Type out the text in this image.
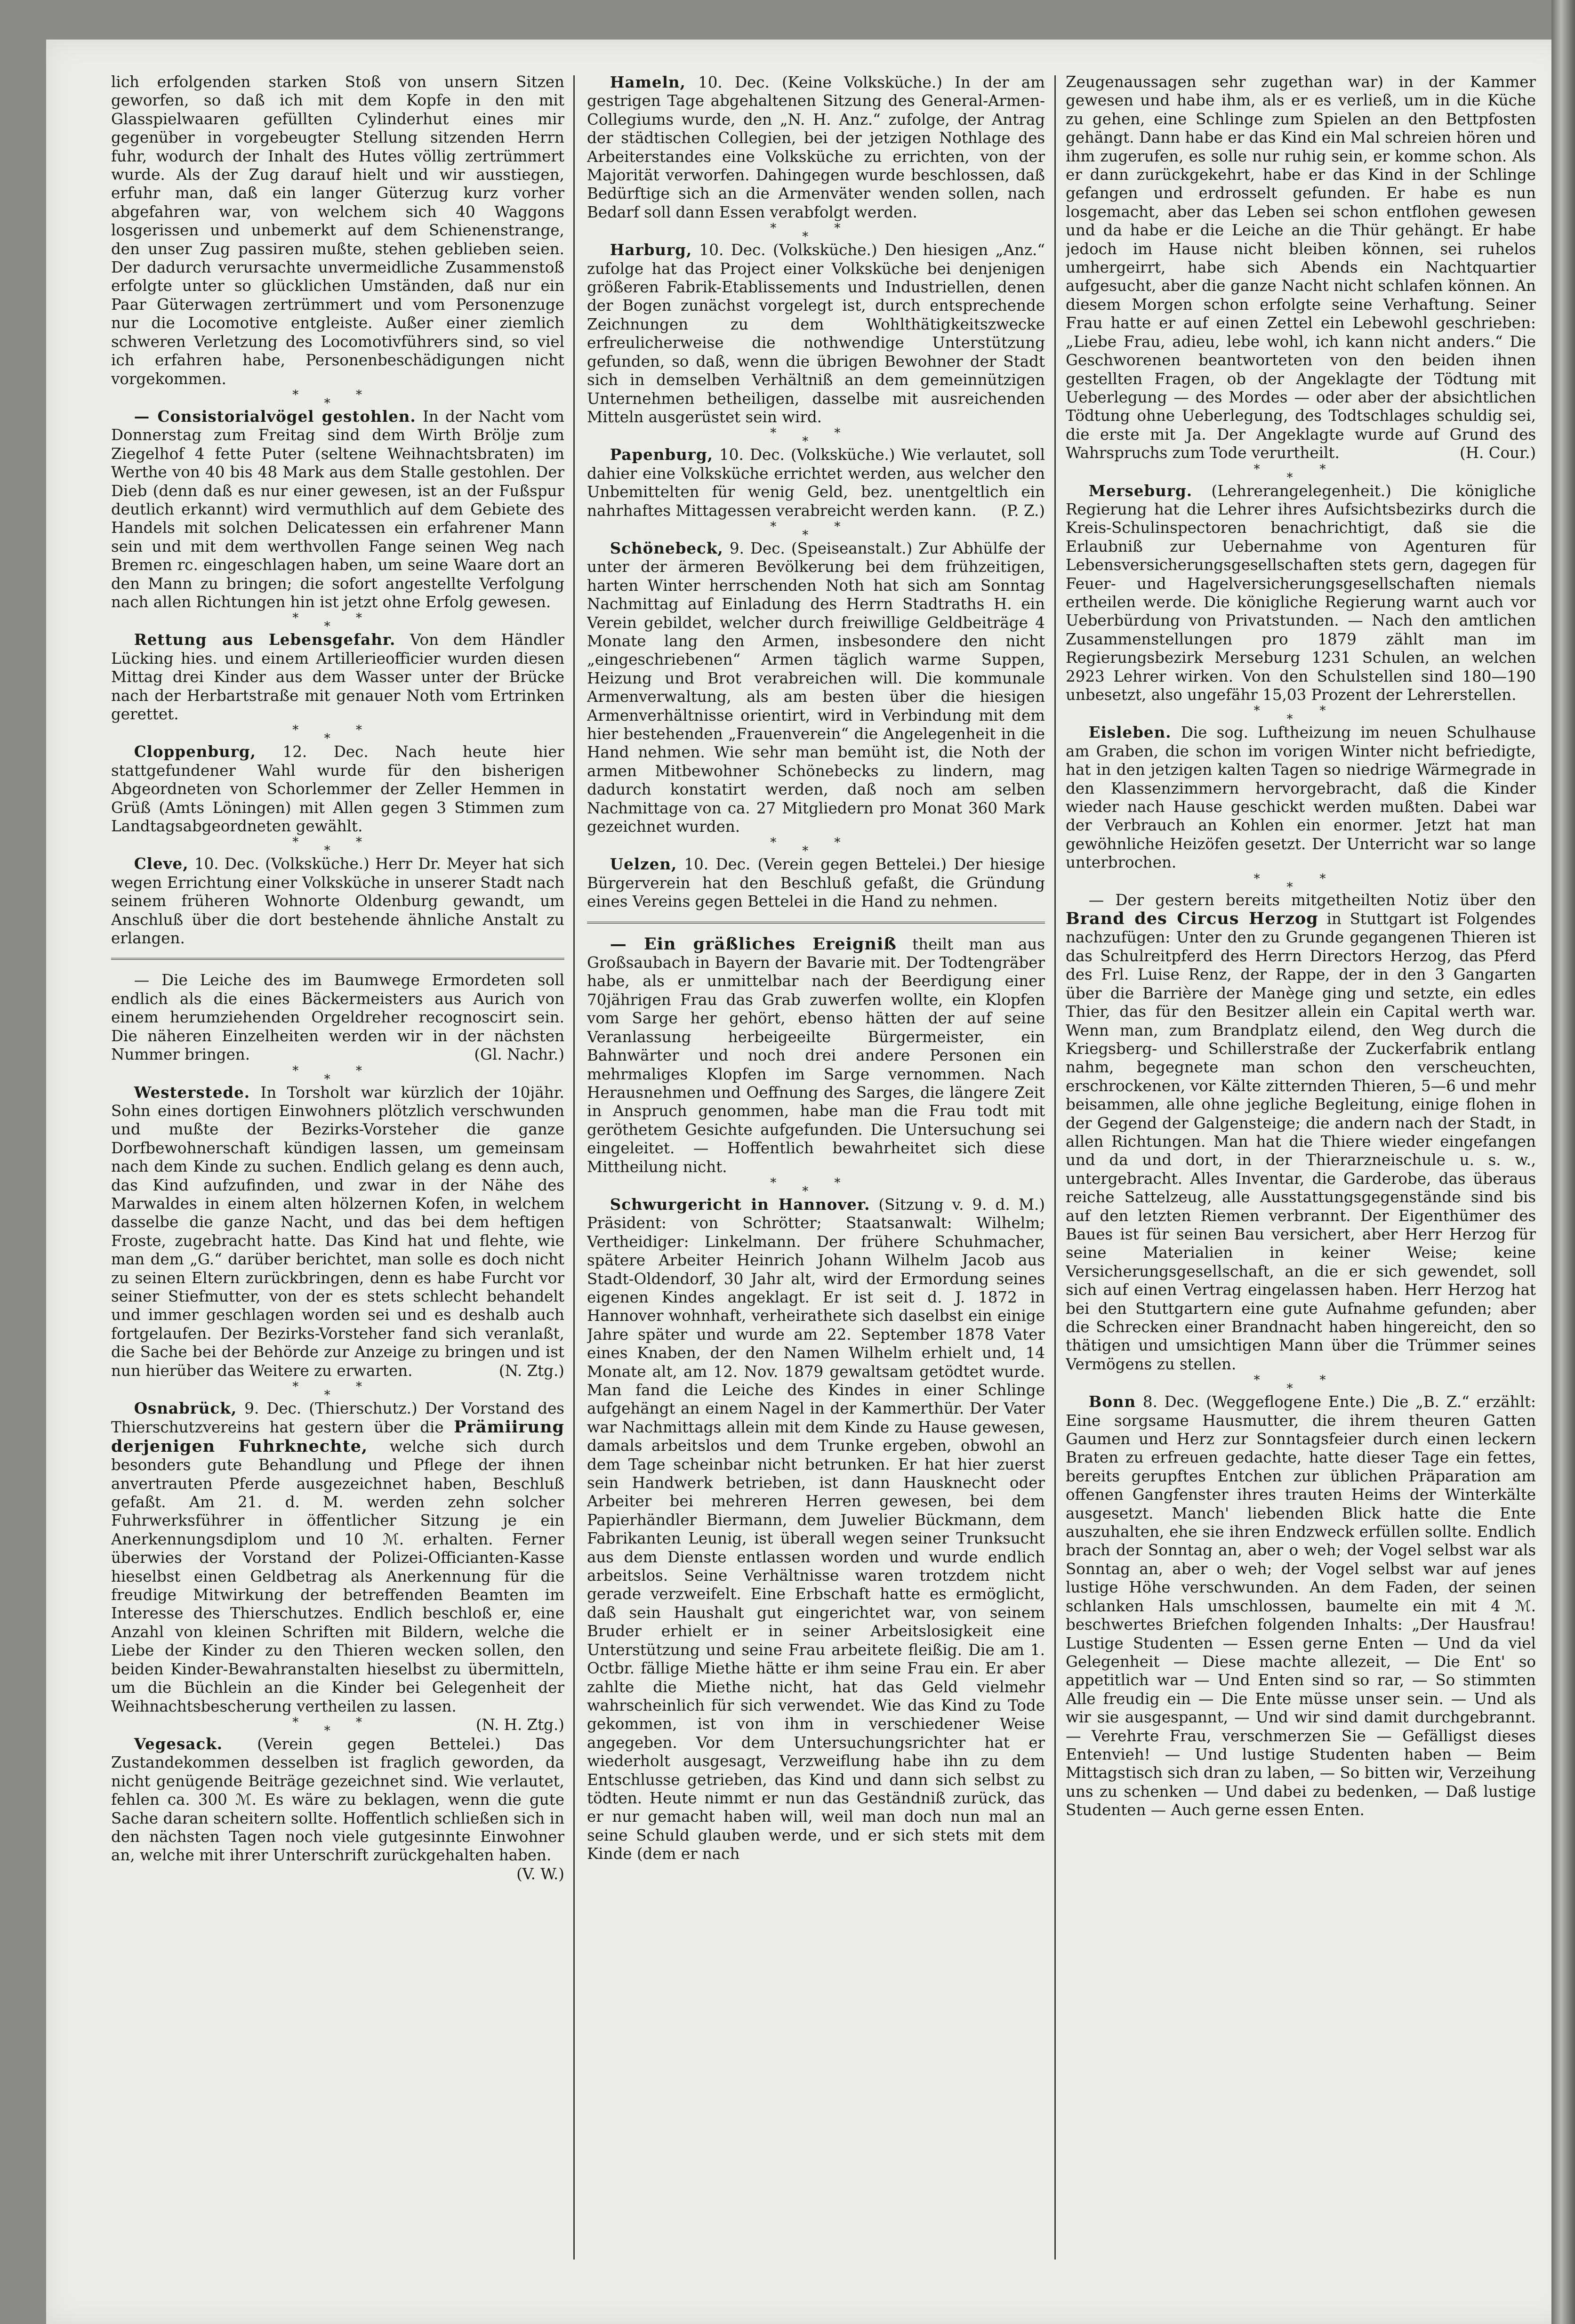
lich erfolgenden starken Stoß von unsern Sitzen geworfen, so daß ich mit dem Kopfe in den mit Glasspielwaaren gefüllten Cylinderhut eines mir gegenüber in vorgebeugter Stellung sitzenden Herrn fuhr, wodurch der Inhalt des Hutes völlig zertrümmert wurde. Als der Zug darauf hielt und wir ausstiegen, erfuhr man, daß ein langer Güterzug kurz vorher abgefahren war, von welchem sich 40 Waggons losgerissen und unbemerkt auf dem Schienenstrange, den unser Zug passiren mußte, stehen geblieben seien. Der dadurch verursachte unvermeidliche Zusammenstoß erfolgte unter so glücklichen Umständen, daß nur ein Paar Güterwagen zertrümmert und vom Personenzuge nur die Locomotive entgleiste. Außer einer ziemlich schweren Verletzung des Locomotivführers sind, so viel ich erfahren habe, Personenbeschädigungen nicht vorgekommen.

*
*
*

— Consistorialvögel gestohlen. In der Nacht vom Donnerstag zum Freitag sind dem Wirth Brölje zum Ziegelhof 4 fette Puter (seltene Weihnachtsbraten) im Werthe von 40 bis 48 Mark aus dem Stalle gestohlen. Der Dieb (denn daß es nur einer gewesen, ist an der Fußspur deutlich erkannt) wird vermuthlich auf dem Gebiete des Handels mit solchen Delicatessen ein erfahrener Mann sein und mit dem werthvollen Fange seinen Weg nach Bremen rc. eingeschlagen haben, um seine Waare dort an den Mann zu bringen; die sofort angestellte Verfolgung nach allen Richtungen hin ist jetzt ohne Erfolg gewesen.

*
*
*

Rettung aus Lebensgefahr. Von dem Händler Lücking hies. und einem Artillerieofficier wurden diesen Mittag drei Kinder aus dem Wasser unter der Brücke nach der Herbartstraße mit genauer Noth vom Ertrinken gerettet.

*
*
*

Cloppenburg, 12. Dec. Nach heute hier stattgefundener Wahl wurde für den bisherigen Abgeordneten von Schorlemmer der Zeller Hemmen in Grüß (Amts Löningen) mit Allen gegen 3 Stimmen zum Landtagsabgeordneten gewählt.

*
*
*

Cleve, 10. Dec. (Volksküche.) Herr Dr. Meyer hat sich wegen Errichtung einer Volksküche in unserer Stadt nach seinem früheren Wohnorte Oldenburg gewandt, um Anschluß über die dort bestehende ähnliche Anstalt zu erlangen.

— Die Leiche des im Baumwege Ermordeten soll endlich als die eines Bäckermeisters aus Aurich von einem herumziehenden Orgeldreher recognoscirt sein. Die näheren Einzelheiten werden wir in der nächsten Nummer bringen.	(Gl. Nachr.)

*
*
*

Westerstede. In Torsholt war kürzlich der 10jähr. Sohn eines dortigen Einwohners plötzlich verschwunden und mußte der Bezirks-Vorsteher die ganze Dorfbewohnerschaft kündigen lassen, um gemeinsam nach dem Kinde zu suchen. Endlich gelang es denn auch, das Kind aufzufinden, und zwar in der Nähe des Marwaldes in einem alten hölzernen Kofen, in welchem dasselbe die ganze Nacht, und das bei dem heftigen Froste, zugebracht hatte. Das Kind hat und flehte, wie man dem „G.“ darüber berichtet, man solle es doch nicht zu seinen Eltern zurückbringen, denn es habe Furcht vor seiner Stiefmutter, von der es stets schlecht behandelt und immer geschlagen worden sei und es deshalb auch fortgelaufen. Der Bezirks-Vorsteher fand sich veranlaßt, die Sache bei der Behörde zur Anzeige zu bringen und ist nun hierüber das Weitere zu erwarten.	(N. Ztg.)

*
*
*

Osnabrück, 9. Dec. (Thierschutz.) Der Vorstand des Thierschutzvereins hat gestern über die Prämiirung derjenigen Fuhrknechte, welche sich durch besonders gute Behandlung und Pflege der ihnen anvertrauten Pferde ausgezeichnet haben, Beschluß gefaßt. Am 21. d. M. werden zehn solcher Fuhrwerksführer in öffentlicher Sitzung je ein Anerkennungsdiplom und 10 ℳ. erhalten. Ferner überwies der Vorstand der Polizei-Officianten-Kasse hieselbst einen Geldbetrag als Anerkennung für die freudige Mitwirkung der betreffenden Beamten im Interesse des Thierschutzes. Endlich beschloß er, eine Anzahl von kleinen Schriften mit Bildern, welche die Liebe der Kinder zu den Thieren wecken sollen, den beiden Kinder-Bewahranstalten hieselbst zu übermitteln, um die Büchlein an die Kinder bei Gelegenheit der Weihnachtsbescherung vertheilen zu lassen.
(N. H. Ztg.)

*
*
*

Vegesack. (Verein gegen Bettelei.) Das Zustandekommen desselben ist fraglich geworden, da nicht genügende Beiträge gezeichnet sind. Wie verlautet, fehlen ca. 300 ℳ. Es wäre zu beklagen, wenn die gute Sache daran scheitern sollte. Hoffentlich schließen sich in den nächsten Tagen noch viele gutgesinnte Einwohner an, welche mit ihrer Unterschrift zurückgehalten haben.
(V. W.)

Hameln, 10. Dec. (Keine Volksküche.) In der am gestrigen Tage abgehaltenen Sitzung des General-Armen-Collegiums wurde, den „N. H. Anz.“ zufolge, der Antrag der städtischen Collegien, bei der jetzigen Nothlage des Arbeiterstandes eine Volksküche zu errichten, von der Majorität verworfen. Dahingegen wurde beschlossen, daß Bedürftige sich an die Armenväter wenden sollen, nach Bedarf soll dann Essen verabfolgt werden.

*
*
*

Harburg, 10. Dec. (Volksküche.) Den hiesigen „Anz.“ zufolge hat das Project einer Volksküche bei denjenigen größeren Fabrik-Etablissements und Industriellen, denen der Bogen zunächst vorgelegt ist, durch entsprechende Zeichnungen zu dem Wohlthätigkeitszwecke erfreulicherweise die nothwendige Unterstützung gefunden, so daß, wenn die übrigen Bewohner der Stadt sich in demselben Verhältniß an dem gemeinnützigen Unternehmen betheiligen, dasselbe mit ausreichenden Mitteln ausgerüstet sein wird.

*
*
*

Papenburg, 10. Dec. (Volksküche.) Wie verlautet, soll dahier eine Volksküche errichtet werden, aus welcher den Unbemittelten für wenig Geld, bez. unentgeltlich ein nahrhaftes Mittagessen verabreicht werden kann.	(P. Z.)

*
*
*

Schönebeck, 9. Dec. (Speiseanstalt.) Zur Abhülfe der unter der ärmeren Bevölkerung bei dem frühzeitigen, harten Winter herrschenden Noth hat sich am Sonntag Nachmittag auf Einladung des Herrn Stadtraths H. ein Verein gebildet, welcher durch freiwillige Geldbeiträge 4 Monate lang den Armen, insbesondere den nicht „eingeschriebenen“ Armen täglich warme Suppen, Heizung und Brot verabreichen will. Die kommunale Armenverwaltung, als am besten über die hiesigen Armenverhältnisse orientirt, wird in Verbindung mit dem hier bestehenden „Frauenverein“ die Angelegenheit in die Hand nehmen. Wie sehr man bemüht ist, die Noth der armen Mitbewohner Schönebecks zu lindern, mag dadurch konstatirt werden, daß noch am selben Nachmittage von ca. 27 Mitgliedern pro Monat 360 Mark gezeichnet wurden.

*
*
*

Uelzen, 10. Dec. (Verein gegen Bettelei.) Der hiesige Bürgerverein hat den Beschluß gefaßt, die Gründung eines Vereins gegen Bettelei in die Hand zu nehmen.

— Ein gräßliches Ereigniß theilt man aus Großsaubach in Bayern der Bavarie mit. Der Todtengräber habe, als er unmittelbar nach der Beerdigung einer 70jährigen Frau das Grab zuwerfen wollte, ein Klopfen vom Sarge her gehört, ebenso hätten der auf seine Veranlassung herbeigeeilte Bürgermeister, ein Bahnwärter und noch drei andere Personen ein mehrmaliges Klopfen im Sarge vernommen. Nach Herausnehmen und Oeffnung des Sarges, die längere Zeit in Anspruch genommen, habe man die Frau todt mit geröthetem Gesichte aufgefunden. Die Untersuchung sei eingeleitet. — Hoffentlich bewahrheitet sich diese Mittheilung nicht.

*
*
*

Schwurgericht in Hannover. (Sitzung v. 9. d. M.) Präsident: von Schrötter; Staatsanwalt: Wilhelm; Vertheidiger: Linkelmann. Der frühere Schuhmacher, spätere Arbeiter Heinrich Johann Wilhelm Jacob aus Stadt-Oldendorf, 30 Jahr alt, wird der Ermordung seines eigenen Kindes angeklagt. Er ist seit d. J. 1872 in Hannover wohnhaft, verheirathete sich daselbst ein einige Jahre später und wurde am 22. September 1878 Vater eines Knaben, der den Namen Wilhelm erhielt und, 14 Monate alt, am 12. Nov. 1879 gewaltsam getödtet wurde. Man fand die Leiche des Kindes in einer Schlinge aufgehängt an einem Nagel in der Kammerthür. Der Vater war Nachmittags allein mit dem Kinde zu Hause gewesen, damals arbeitslos und dem Trunke ergeben, obwohl an dem Tage scheinbar nicht betrunken. Er hat hier zuerst sein Handwerk betrieben, ist dann Hausknecht oder Arbeiter bei mehreren Herren gewesen, bei dem Papierhändler Biermann, dem Juwelier Bückmann, dem Fabrikanten Leunig, ist überall wegen seiner Trunksucht aus dem Dienste entlassen worden und wurde endlich arbeitslos. Seine Verhältnisse waren trotzdem nicht gerade verzweifelt. Eine Erbschaft hatte es ermöglicht, daß sein Haushalt gut eingerichtet war, von seinem Bruder erhielt er in seiner Arbeitslosigkeit eine Unterstützung und seine Frau arbeitete fleißig. Die am 1. Octbr. fällige Miethe hätte er ihm seine Frau ein. Er aber zahlte die Miethe nicht, hat das Geld vielmehr wahrscheinlich für sich verwendet. Wie das Kind zu Tode gekommen, ist von ihm in verschiedener Weise angegeben. Vor dem Untersuchungsrichter hat er wiederholt ausgesagt, Verzweiflung habe ihn zu dem Entschlusse getrieben, das Kind und dann sich selbst zu tödten. Heute nimmt er nun das Geständniß zurück, das er nur gemacht haben will, weil man doch nun mal an seine Schuld glauben werde, und er sich stets mit dem Kinde (dem er nach

Zeugenaussagen sehr zugethan war) in der Kammer gewesen und habe ihm, als er es verließ, um in die Küche zu gehen, eine Schlinge zum Spielen an den Bettpfosten gehängt. Dann habe er das Kind ein Mal schreien hören und ihm zugerufen, es solle nur ruhig sein, er komme schon. Als er dann zurückgekehrt, habe er das Kind in der Schlinge gefangen und erdrosselt gefunden. Er habe es nun losgemacht, aber das Leben sei schon entflohen gewesen und da habe er die Leiche an die Thür gehängt. Er habe jedoch im Hause nicht bleiben können, sei ruhelos umhergeirrt, habe sich Abends ein Nachtquartier aufgesucht, aber die ganze Nacht nicht schlafen können. An diesem Morgen schon erfolgte seine Verhaftung. Seiner Frau hatte er auf einen Zettel ein Lebewohl geschrieben: „Liebe Frau, adieu, lebe wohl, ich kann nicht anders.“ Die Geschworenen beantworteten von den beiden ihnen gestellten Fragen, ob der Angeklagte der Tödtung mit Ueberlegung — des Mordes — oder aber der absichtlichen Tödtung ohne Ueberlegung, des Todtschlages schuldig sei, die erste mit Ja. Der Angeklagte wurde auf Grund des Wahrspruchs zum Tode verurtheilt.	(H. Cour.)

*
*
*

Merseburg. (Lehrerangelegenheit.) Die königliche Regierung hat die Lehrer ihres Aufsichtsbezirks durch die Kreis-Schulinspectoren benachrichtigt, daß sie die Erlaubniß zur Uebernahme von Agenturen für Lebensversicherungsgesellschaften stets gern, dagegen für Feuer- und Hagelversicherungsgesellschaften niemals ertheilen werde. Die königliche Regierung warnt auch vor Ueberbürdung von Privatstunden. — Nach den amtlichen Zusammenstellungen pro 1879 zählt man im Regierungsbezirk Merseburg 1231 Schulen, an welchen 2923 Lehrer wirken. Von den Schulstellen sind 180—190 unbesetzt, also ungefähr 15,03 Prozent der Lehrerstellen.

*
*
*

Eisleben. Die sog. Luftheizung im neuen Schulhause am Graben, die schon im vorigen Winter nicht befriedigte, hat in den jetzigen kalten Tagen so niedrige Wärmegrade in den Klassenzimmern hervorgebracht, daß die Kinder wieder nach Hause geschickt werden mußten. Dabei war der Verbrauch an Kohlen ein enormer. Jetzt hat man gewöhnliche Heizöfen gesetzt. Der Unterricht war so lange unterbrochen.

*
*
*

— Der gestern bereits mitgetheilten Notiz über den Brand des Circus Herzog in Stuttgart ist Folgendes nachzufügen: Unter den zu Grunde gegangenen Thieren ist das Schulreitpferd des Herrn Directors Herzog, das Pferd des Frl. Luise Renz, der Rappe, der in den 3 Gangarten über die Barrière der Manège ging und setzte, ein edles Thier, das für den Besitzer allein ein Capital werth war. Wenn man, zum Brandplatz eilend, den Weg durch die Kriegsberg- und Schillerstraße der Zuckerfabrik entlang nahm, begegnete man schon den verscheuchten, erschrockenen, vor Kälte zitternden Thieren, 5—6 und mehr beisammen, alle ohne jegliche Begleitung, einige flohen in der Gegend der Galgensteige; die andern nach der Stadt, in allen Richtungen. Man hat die Thiere wieder eingefangen und da und dort, in der Thierarzneischule u. s. w., untergebracht. Alles Inventar, die Garderobe, das überaus reiche Sattelzeug, alle Ausstattungsgegenstände sind bis auf den letzten Riemen verbrannt. Der Eigenthümer des Baues ist für seinen Bau versichert, aber Herr Herzog für seine Materialien in keiner Weise; keine Versicherungsgesellschaft, an die er sich gewendet, soll sich auf einen Vertrag eingelassen haben. Herr Herzog hat bei den Stuttgartern eine gute Aufnahme gefunden; aber die Schrecken einer Brandnacht haben hingereicht, den so thätigen und umsichtigen Mann über die Trümmer seines Vermögens zu stellen.

*
*
*

Bonn 8. Dec. (Weggeflogene Ente.) Die „B. Z.“ erzählt: Eine sorgsame Hausmutter, die ihrem theuren Gatten Gaumen und Herz zur Sonntagsfeier durch einen leckern Braten zu erfreuen gedachte, hatte dieser Tage ein fettes, bereits gerupftes Entchen zur üblichen Präparation am offenen Gangfenster ihres trauten Heims der Winterkälte ausgesetzt. Manch' liebenden Blick hatte die Ente auszuhalten, ehe sie ihren Endzweck erfüllen sollte. Endlich brach der Sonntag an, aber o weh; der Vogel selbst war als Sonntag an, aber o weh; der Vogel selbst war auf jenes lustige Höhe verschwunden. An dem Faden, der seinen schlanken Hals umschlossen, baumelte ein mit 4 ℳ. beschwertes Briefchen folgenden Inhalts: „Der Hausfrau! Lustige Studenten — Essen gerne Enten — Und da viel Gelegenheit — Diese machte allezeit, — Die Ent' so appetitlich war — Und Enten sind so rar, — So stimmten Alle freudig ein — Die Ente müsse unser sein. — Und als wir sie ausgespannt, — Und wir sind damit durchgebrannt. — Verehrte Frau, verschmerzen Sie — Gefälligst dieses Entenvieh! — Und lustige Studenten haben — Beim Mittagstisch sich dran zu laben, — So bitten wir, Verzeihung uns zu schenken — Und dabei zu bedenken, — Daß lustige Studenten — Auch gerne essen Enten.
